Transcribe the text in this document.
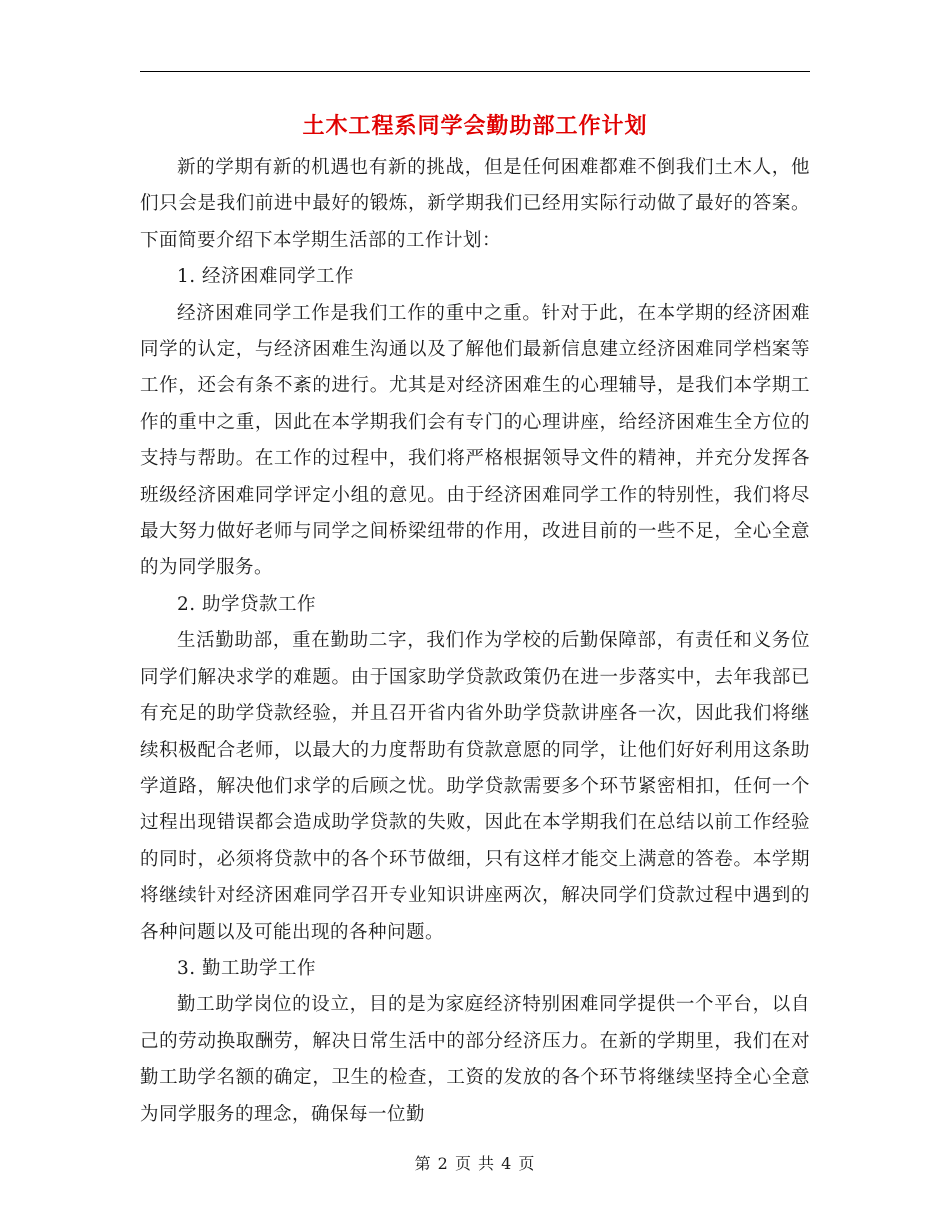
土木工程系同学会勤助部工作计划

新的学期有新的机遇也有新的挑战，但是任何困难都难不倒我们土木人，他们只会是我们前进中最好的锻炼，新学期我们已经用实际行动做了最好的答案。下面简要介绍下本学期生活部的工作计划：

1. 经济困难同学工作

经济困难同学工作是我们工作的重中之重。针对于此，在本学期的经济困难同学的认定，与经济困难生沟通以及了解他们最新信息建立经济困难同学档案等工作，还会有条不紊的进行。尤其是对经济困难生的心理辅导，是我们本学期工作的重中之重，因此在本学期我们会有专门的心理讲座，给经济困难生全方位的支持与帮助。在工作的过程中，我们将严格根据领导文件的精神，并充分发挥各班级经济困难同学评定小组的意见。由于经济困难同学工作的特别性，我们将尽最大努力做好老师与同学之间桥梁纽带的作用，改进目前的一些不足，全心全意的为同学服务。

2. 助学贷款工作

生活勤助部，重在勤助二字，我们作为学校的后勤保障部，有责任和义务位同学们解决求学的难题。由于国家助学贷款政策仍在进一步落实中，去年我部已有充足的助学贷款经验，并且召开省内省外助学贷款讲座各一次，因此我们将继续积极配合老师，以最大的力度帮助有贷款意愿的同学，让他们好好利用这条助学道路，解决他们求学的后顾之忧。助学贷款需要多个环节紧密相扣，任何一个过程出现错误都会造成助学贷款的失败，因此在本学期我们在总结以前工作经验的同时，必须将贷款中的各个环节做细，只有这样才能交上满意的答卷。本学期将继续针对经济困难同学召开专业知识讲座两次，解决同学们贷款过程中遇到的各种问题以及可能出现的各种问题。

3. 勤工助学工作

勤工助学岗位的设立，目的是为家庭经济特别困难同学提供一个平台，以自己的劳动换取酬劳，解决日常生活中的部分经济压力。在新的学期里，我们在对勤工助学名额的确定，卫生的检查，工资的发放的各个环节将继续坚持全心全意为同学服务的理念，确保每一位勤

第 2 页 共 4 页
